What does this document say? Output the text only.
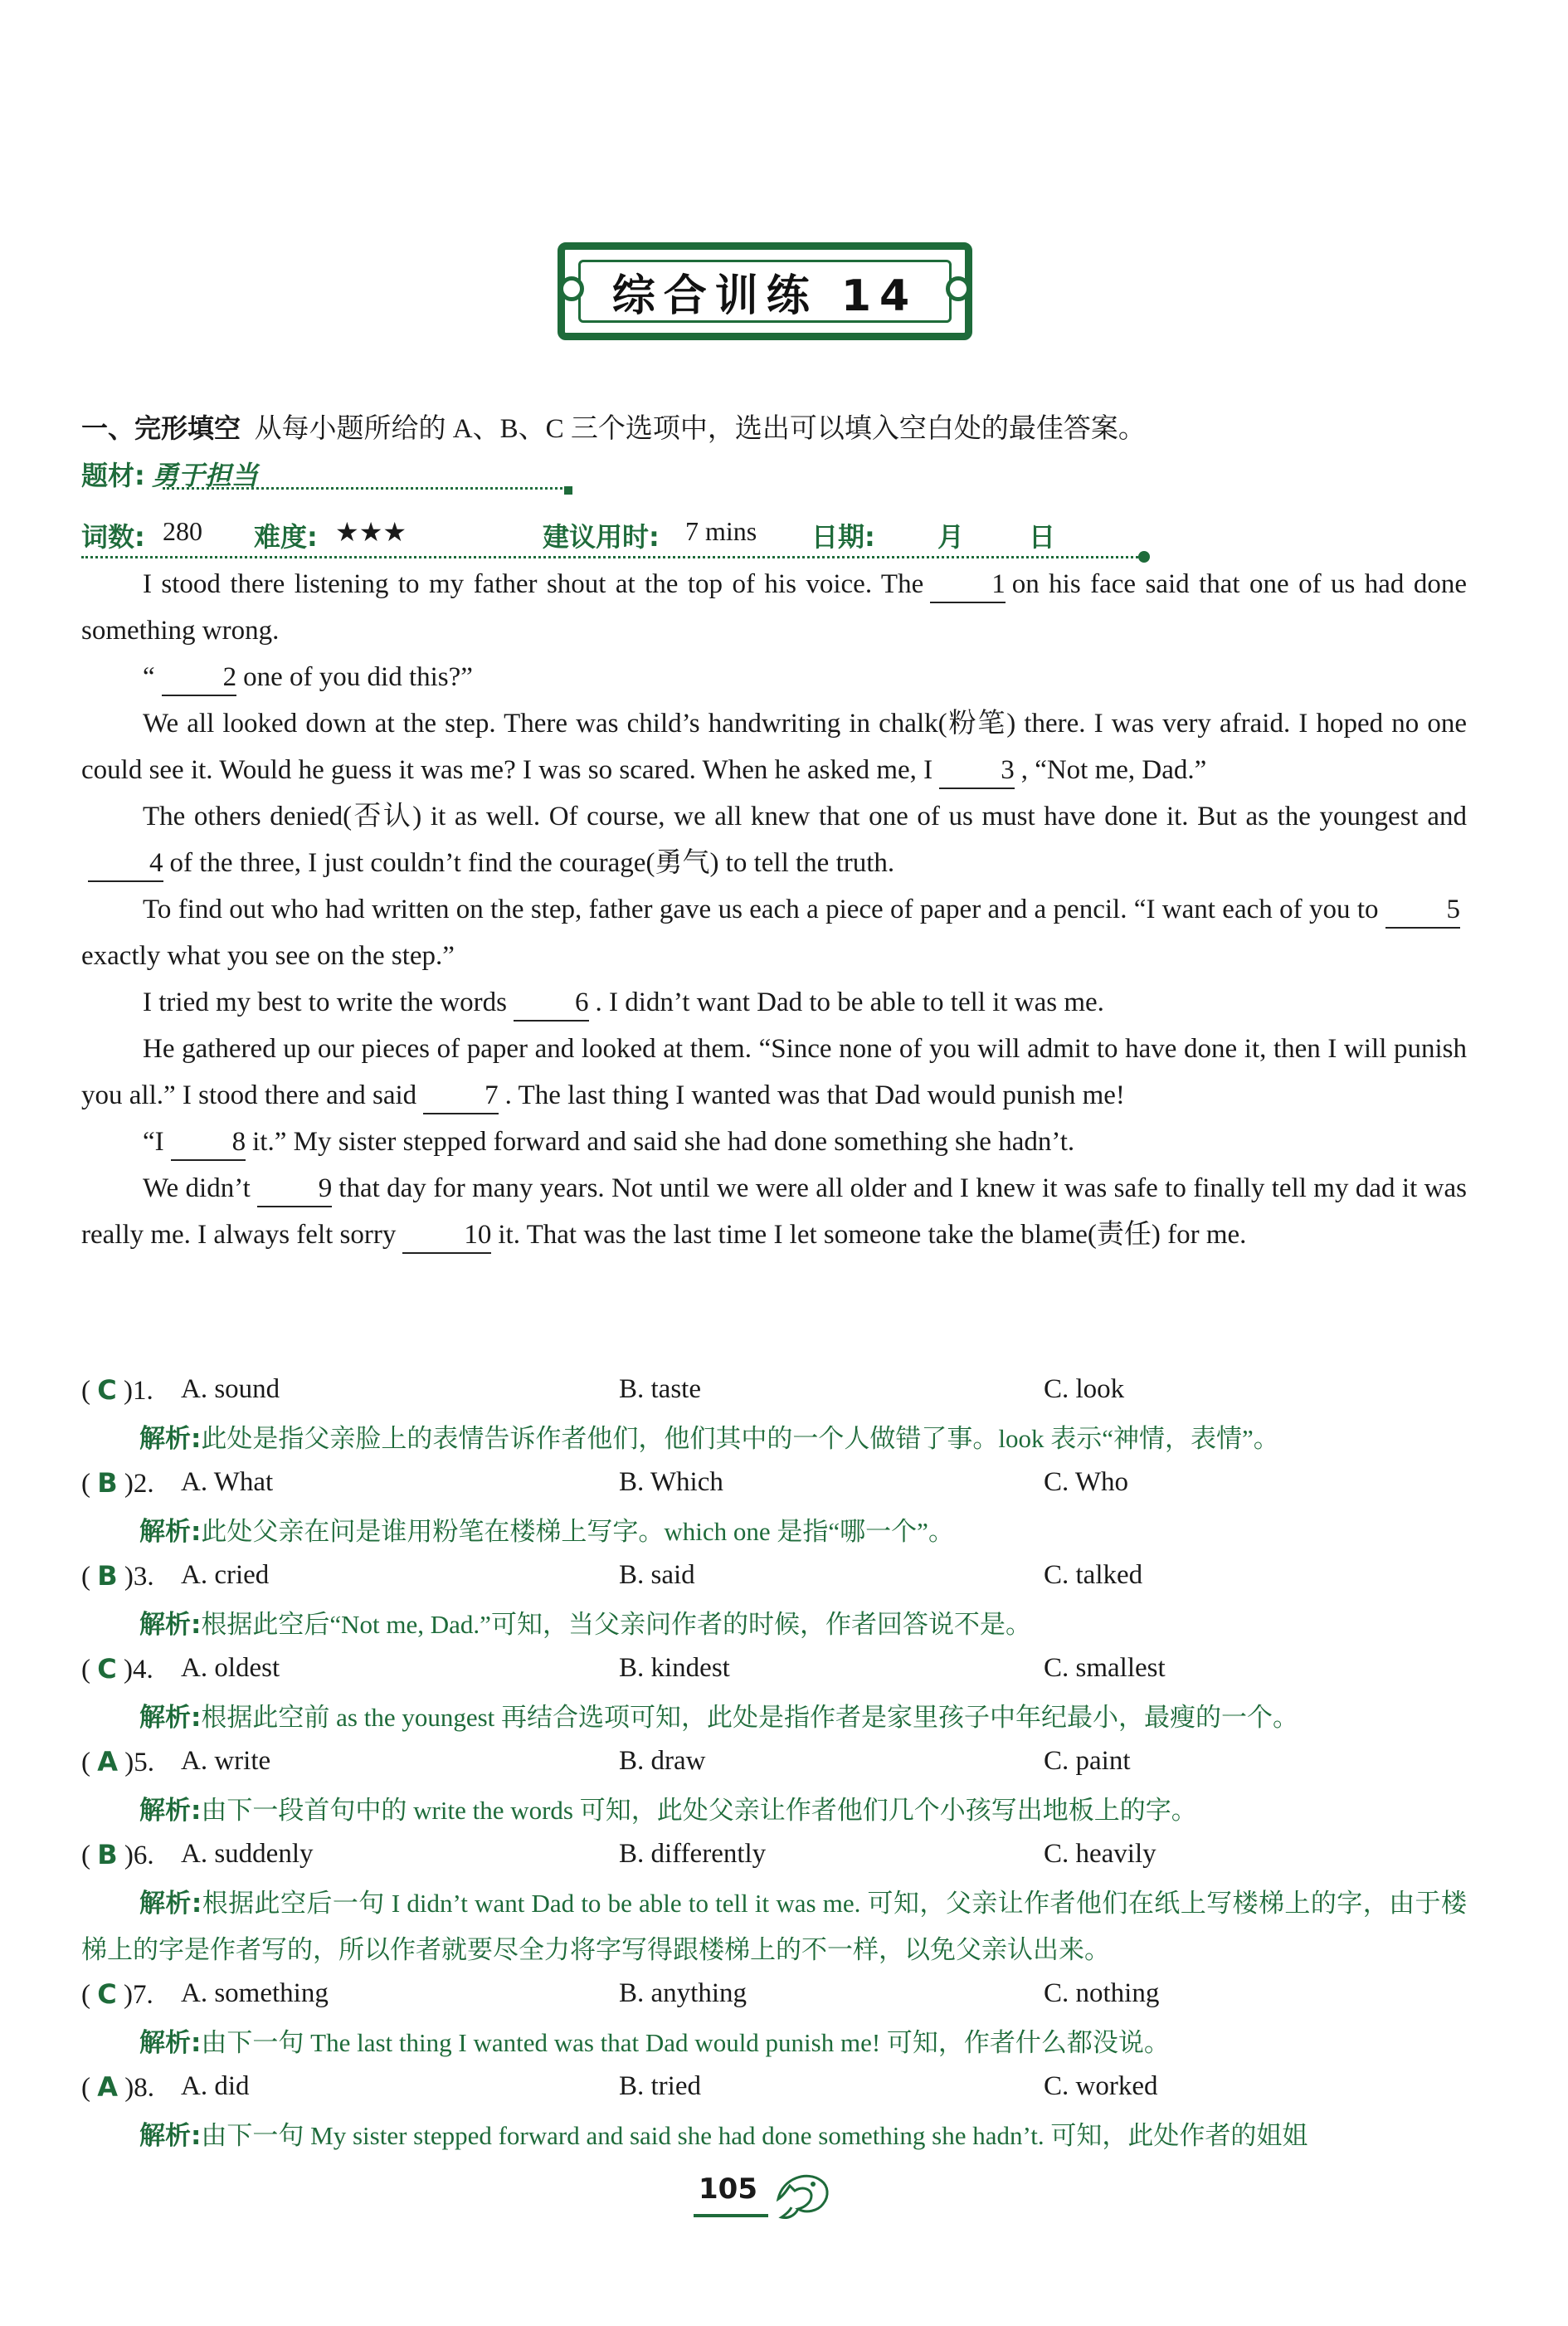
综合训练 14
一、完形填空 从每小题所给的 A、B、C 三个选项中，选出可以填入空白处的最佳答案。
题材: 勇于担当
词数: 280 难度: ★★★	建议用时: 7 mins 日期: 月 日

I stood there listening to my father shout at the top of his voice. The 1 on his face said that one of us had done something wrong.

“ 2 one of you did this?”

We all looked down at the step. There was child’s handwriting in chalk(粉笔) there. I was very afraid. I hoped no one could see it. Would he guess it was me? I was so scared. When he asked me, I 3 , “Not me, Dad.”

The others denied(否认) it as well. Of course, we all knew that one of us must have done it. But as the youngest and4 of the three, I just couldn’t find the courage(勇气) to tell the truth.

To find out who had written on the step, father gave us each a piece of paper and a pencil. “I want each of you to 5exactly what you see on the step.”

I tried my best to write the words 6 . I didn’t want Dad to be able to tell it was me.

He gathered up our pieces of paper and looked at them. “Since none of you will admit to have done it, then I will punish you all.” I stood there and said 7 . The last thing I wanted was that Dad would punish me!

“I 8 it.” My sister stepped forward and said she had done something she hadn’t.

We didn’t 9 that day for many years. Not until we were all older and I knew it was safe to finally tell my dad it was really me. I always felt sorry 10 it. That was the last time I let someone take the blame(责任) for me.

( C )1. A. sound	B. taste	C. look
解析:此处是指父亲脸上的表情告诉作者他们，他们其中的一个人做错了事。look 表示“神情，表情”。
( B )2. A. What	B. Which	C. Who
解析:此处父亲在问是谁用粉笔在楼梯上写字。which one 是指“哪一个”。
( B )3. A. cried	B. said	C. talked
解析:根据此空后“Not me, Dad.”可知，当父亲问作者的时候，作者回答说不是。
( C )4. A. oldest	B. kindest	C. smallest
解析:根据此空前 as the youngest 再结合选项可知，此处是指作者是家里孩子中年纪最小，最瘦的一个。
( A )5. A. write	B. draw	C. paint
解析:由下一段首句中的 write the words 可知，此处父亲让作者他们几个小孩写出地板上的字。
( B )6. A. suddenly	B. differently	C. heavily
解析:根据此空后一句 I didn’t want Dad to be able to tell it was me. 可知，父亲让作者他们在纸上写楼梯上的字，由于楼梯上的字是作者写的，所以作者就要尽全力将字写得跟楼梯上的不一样，以免父亲认出来。
( C )7. A. something	B. anything	C. nothing
解析:由下一句 The last thing I wanted was that Dad would punish me! 可知，作者什么都没说。
( A )8. A. did	B. tried	C. worked
解析:由下一句 My sister stepped forward and said she had done something she hadn’t. 可知，此处作者的姐姐
105
